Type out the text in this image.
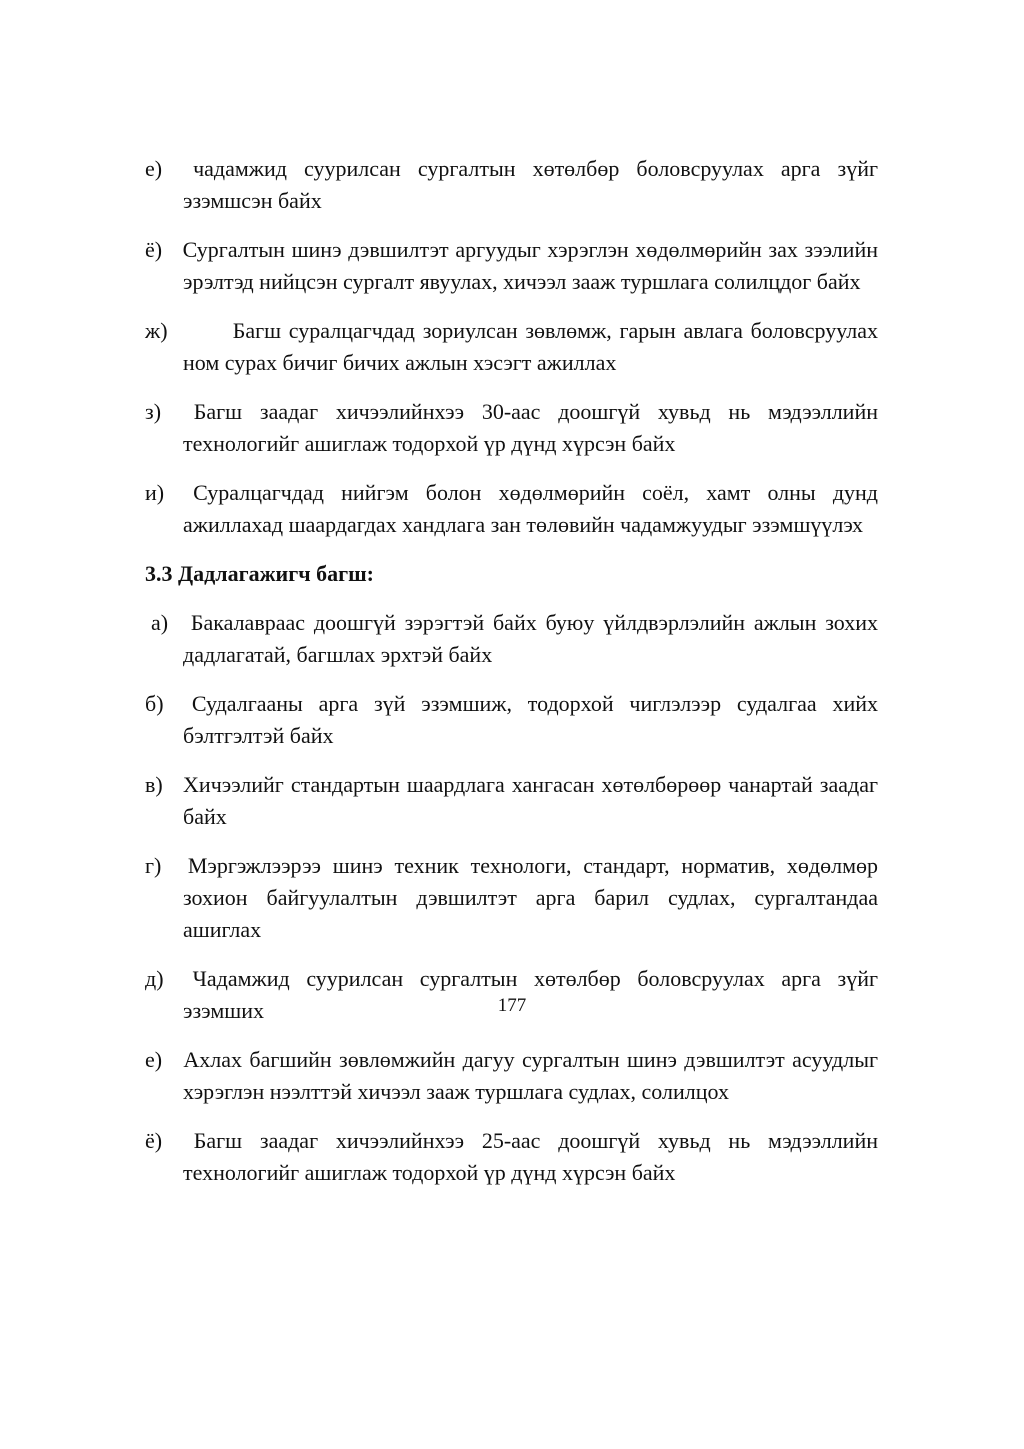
е) чадамжид суурилсан сургалтын хөтөлбөр боловсруулах арга зүйг эзэмшсэн байх
ё) Сургалтын шинэ дэвшилтэт аргуудыг хэрэглэн хөдөлмөрийн зах зээлийн эрэлтэд нийцсэн сургалт явуулах, хичээл зааж туршлага солилцдог байх
ж)	Багш суралцагчдад зориулсан зөвлөмж, гарын авлага боловсруулах ном сурах бичиг бичих ажлын хэсэгт ажиллах
з) Багш заадаг хичээлийнхээ 30-аас доошгүй хувьд нь мэдээллийн технологийг ашиглаж тодорхой үр дүнд хүрсэн байх
и) Суралцагчдад нийгэм болон хөдөлмөрийн соёл, хамт олны дунд ажиллахад шаардагдах хандлага зан төлөвийн чадамжуудыг эзэмшүүлэх
3.3 Дадлагажигч багш:
а) Бакалавраас доошгүй зэрэгтэй байх буюу үйлдвэрлэлийн ажлын зохих дадлагатай, багшлах эрхтэй байх
б) Судалгааны арга зүй эзэмшиж, тодорхой чиглэлээр судалгаа хийх бэлтгэлтэй байх
в) Хичээлийг стандартын шаардлага хангасан хөтөлбөрөөр чанартай заадаг байх
г) Мэргэжлээрээ шинэ техник технологи, стандарт, норматив, хөдөлмөр зохион байгуулалтын дэвшилтэт арга барил судлах, сургалтандаа ашиглах
д) Чадамжид суурилсан сургалтын хөтөлбөр боловсруулах арга зүйг эзэмших
е) Ахлах багшийн зөвлөмжийн дагуу сургалтын шинэ дэвшилтэт асуудлыг хэрэглэн нээлттэй хичээл зааж туршлага судлах, солилцох
ё) Багш заадаг хичээлийнхээ 25-аас доошгүй хувьд нь мэдээллийн технологийг ашиглаж тодорхой үр дүнд хүрсэн байх
177
